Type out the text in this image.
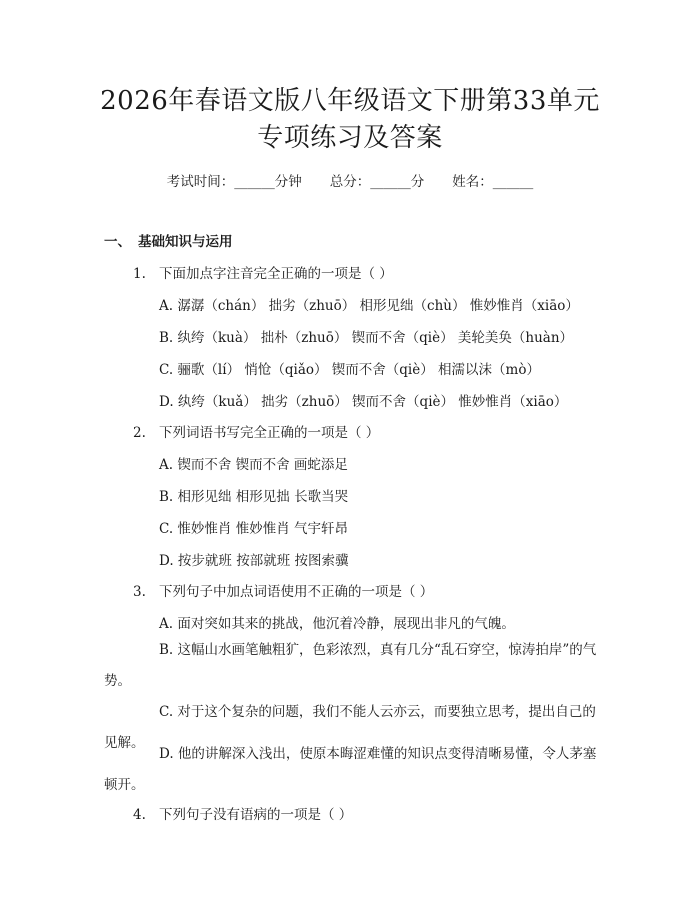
2026年春语文版八年级语文下册第33单元
专项练习及答案
考试时间：______分钟 总分：______分 姓名：______
一、 基础知识与运用
1. 下面加点字注音完全正确的一项是（ ）
A. 潺潺（chán） 拙劣（zhuō） 相形见绌（chù） 惟妙惟肖（xiāo）
B. 纨绔（kuà） 拙朴（zhuō） 锲而不舍（qiè） 美轮美奂（huàn）
C. 骊歌（lí） 悄怆（qiǎo） 锲而不舍（qiè） 相濡以沫（mò）
D. 纨绔（kuǎ） 拙劣（zhuō） 锲而不舍（qiè） 惟妙惟肖（xiāo）
2. 下列词语书写完全正确的一项是（ ）
A. 锲而不舍 锲而不舍 画蛇添足
B. 相形见绌 相形见拙 长歌当哭
C. 惟妙惟肖 惟妙惟肖 气宇轩昂
D. 按步就班 按部就班 按图索骥
3. 下列句子中加点词语使用不正确的一项是（ ）
A. 面对突如其来的挑战，他沉着冷静，展现出非凡的气魄。
B. 这幅山水画笔触粗犷，色彩浓烈，真有几分“乱石穿空，惊涛拍岸”的气势。
C. 对于这个复杂的问题，我们不能人云亦云，而要独立思考，提出自己的见解。
D. 他的讲解深入浅出，使原本晦涩难懂的知识点变得清晰易懂，令人茅塞顿开。
4. 下列句子没有语病的一项是（ ）
